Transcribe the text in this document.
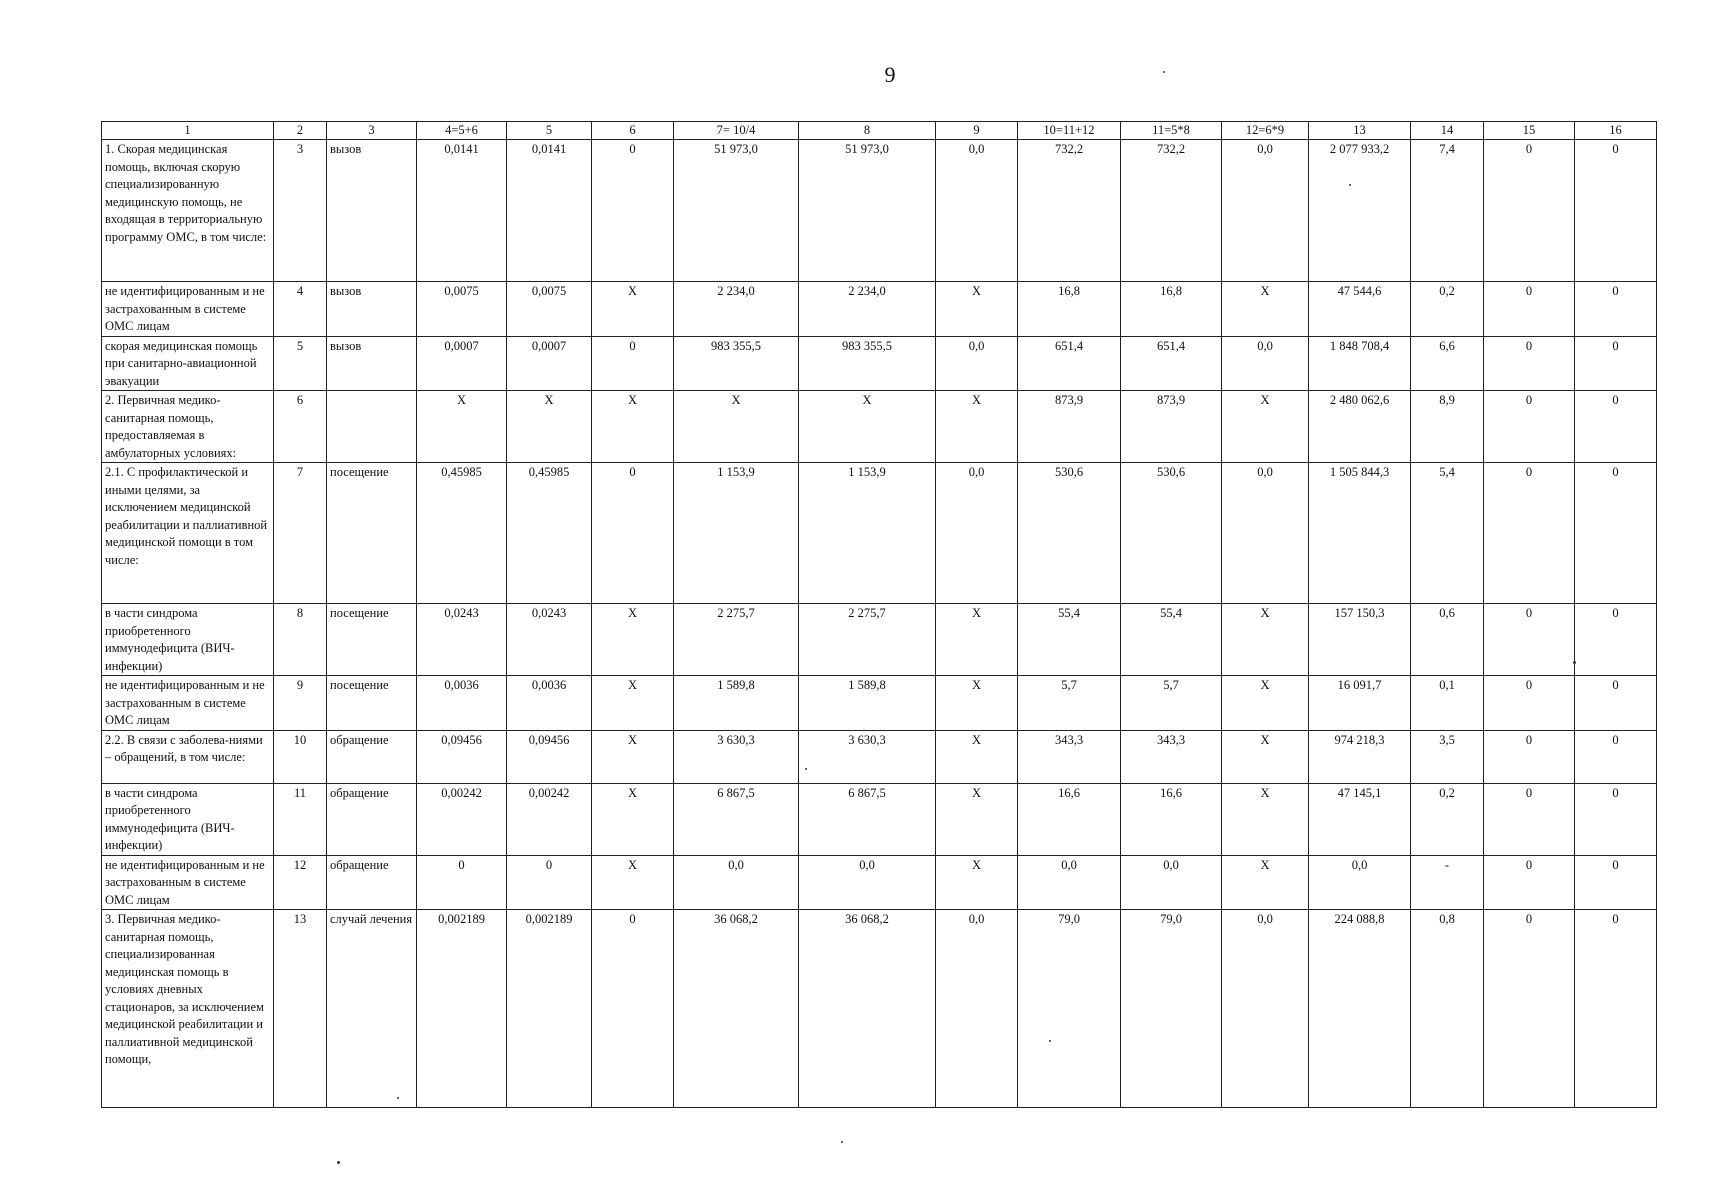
9
1	2	3	4=5+6	5	6	7= 10/4	8	9	10=11+12	11=5*8	12=6*9	13	14	15	16
1. Скорая медицинская помощь, включая скорую специализированную медицинскую помощь, не входящая в территориальную программу ОМС, в том числе:	3	вызов	0,0141	0,0141	0	51 973,0	51 973,0	0,0	732,2	732,2	0,0	2 077 933,2	7,4	0	0
не идентифицированным и не застрахованным в системе ОМС лицам	4	вызов	0,0075	0,0075	X	2 234,0	2 234,0	X	16,8	16,8	X	47 544,6	0,2	0	0
скорая медицинская помощь при санитарно-авиационной эвакуации	5	вызов	0,0007	0,0007	0	983 355,5	983 355,5	0,0	651,4	651,4	0,0	1 848 708,4	6,6	0	0
2. Первичная медико-санитарная помощь, предоставляемая в амбулаторных условиях:	6		X	X	X	X	X	X	873,9	873,9	X	2 480 062,6	8,9	0	0
2.1. С профилактической и иными целями, за исключением медицинской реабилитации и паллиативной медицинской помощи в том числе:	7	посещение	0,45985	0,45985	0	1 153,9	1 153,9	0,0	530,6	530,6	0,0	1 505 844,3	5,4	0	0
в части синдрома приобретенного иммунодефицита (ВИЧ-инфекции)	8	посещение	0,0243	0,0243	X	2 275,7	2 275,7	X	55,4	55,4	X	157 150,3	0,6	0	0
не идентифицированным и не застрахованным в системе ОМС лицам	9	посещение	0,0036	0,0036	X	1 589,8	1 589,8	X	5,7	5,7	X	16 091,7	0,1	0	0
2.2. В связи с заболева-ниями – обращений, в том числе:	10	обращение	0,09456	0,09456	X	3 630,3	3 630,3	X	343,3	343,3	X	974 218,3	3,5	0	0
в части синдрома приобретенного иммунодефицита (ВИЧ-инфекции)	11	обращение	0,00242	0,00242	X	6 867,5	6 867,5	X	16,6	16,6	X	47 145,1	0,2	0	0
не идентифицированным и не застрахованным в системе ОМС лицам	12	обращение	0	0	X	0,0	0,0	X	0,0	0,0	X	0,0	-	0	0
3. Первичная медико-санитарная помощь, специализированная медицинская помощь в условиях дневных стационаров, за исключением медицинской реабилитации и паллиативной медицинской помощи,	13	случай лечения	0,002189	0,002189	0	36 068,2	36 068,2	0,0	79,0	79,0	0,0	224 088,8	0,8	0	0
